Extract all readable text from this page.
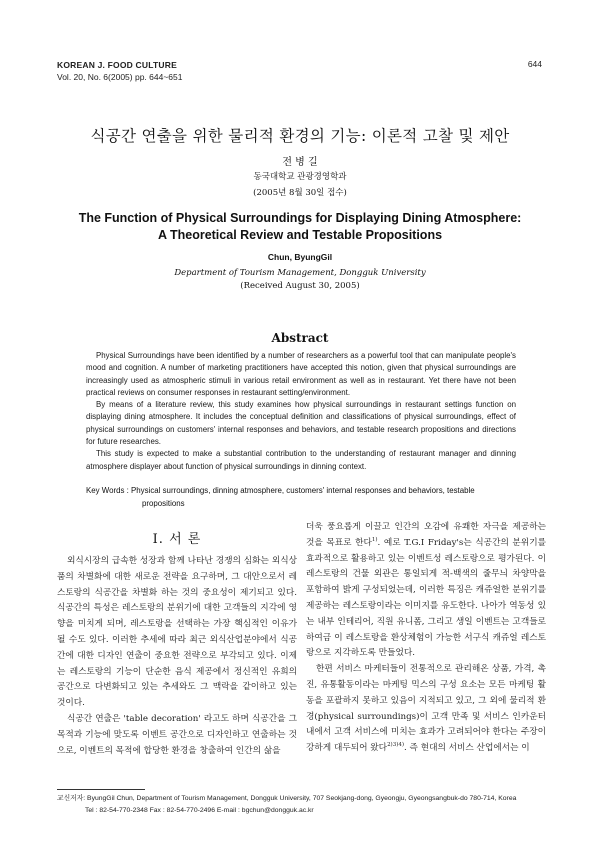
KOREAN J. FOOD CULTURE
Vol. 20, No. 6(2005) pp. 644~651
644
식공간 연출을 위한 물리적 환경의 기능: 이론적 고찰 및 제안
전 병 길
동국대학교 관광경영학과
(2005년 8월 30일 접수)
The Function of Physical Surroundings for Displaying Dining Atmosphere:
A Theoretical Review and Testable Propositions
Chun, ByungGil
Department of Tourism Management, Dongguk University
(Received August 30, 2005)
Abstract

Physical Surroundings have been identified by a number of researchers as a powerful tool that can manipulate people's mood and cognition. A number of marketing practitioners have accepted this notion, given that physical surroundings are increasingly used as atmospheric stimuli in various retail environment as well as in restaurant. Yet there have not been practical reviews on consumer responses in restaurant setting/environment.

By means of a literature review, this study examines how physical surroundings in restaurant settings function on displaying dining atmosphere. It includes the conceptual definition and classifications of physical surroundings, effect of physical surroundings on customers' internal responses and behaviors, and testable research propositions and directions for future researches.

This study is expected to make a substantial contribution to the understanding of restaurant manager and dinning atmosphere displayer about function of physical surroundings in dinning context.

Key Words : Physical surroundings, dinning atmosphere, customers' internal responses and behaviors, testable
propositions
I. 서 론

외식시장의 급속한 성장과 함께 나타난 경쟁의 심화는 외식상품의 차별화에 대한 새로운 전략을 요구하며, 그 대안으로서 레스토랑의 식공간을 차별화 하는 것의 중요성이 제기되고 있다. 식공간의 특성은 레스토랑의 분위기에 대한 고객들의 지각에 영향을 미치게 되며, 레스토랑을 선택하는 가장 핵심적인 이유가 될 수도 있다. 이러한 추세에 따라 최근 외식산업분야에서 식공간에 대한 디자인 연출이 중요한 전략으로 부각되고 있다. 이제는 레스토랑의 기능이 단순한 음식 제공에서 정신적인 유희의 공간으로 다변화되고 있는 추세와도 그 맥락을 같이하고 있는 것이다.

식공간 연출은 'table decoration' 라고도 하며 식공간을 그 목적과 기능에 맞도록 이벤트 공간으로 디자인하고 연출하는 것으로, 이벤트의 목적에 합당한 환경을 창출하여 인간의 삶을

더욱 풍요롭게 이끌고 인간의 오감에 유쾌한 자극을 제공하는 것을 목표로 한다$^{1)}$. 예로 T.G.I Friday's는 식공간의 분위기를 효과적으로 활용하고 있는 이벤트성 레스토랑으로 평가된다. 이 레스토랑의 건물 외관은 통일되게 적-백색의 줄무늬 차양막을 포함하여 밝게 구성되었는데, 이러한 특징은 캐쥬얼한 분위기를 제공하는 레스토랑이라는 이미지를 유도한다. 나아가 역동성 있는 내부 인테리어, 직원 유니폼, 그리고 생일 이벤트는 고객들로 하여금 이 레스토랑을 환상체험이 가능한 서구식 캐쥬얼 레스토랑으로 지각하도록 만들었다.

한편 서비스 마케터들이 전통적으로 관리해온 상품, 가격, 촉진, 유통활동이라는 마케팅 믹스의 구성 요소는 모든 마케팅 활동을 포괄하지 못하고 있음이 지적되고 있고, 그 외에 물리적 환경(physical surroundings)이 고객 만족 및 서비스 인카운터 내에서 고객 서비스에 미치는 효과가 고려되어야 한다는 주장이 강하게 대두되어 왔다$^{2)3)4)}$. 즉 현대의 서비스 산업에서는 이

교신저자: ByungGil Chun, Department of Tourism Management, Dongguk University, 707 Seokjang-dong, Gyeongju, Gyeongsangbuk-do 780-714, Korea
Tel : 82-54-770-2348 Fax : 82-54-770-2496 E-mail : bgchun@dongguk.ac.kr
